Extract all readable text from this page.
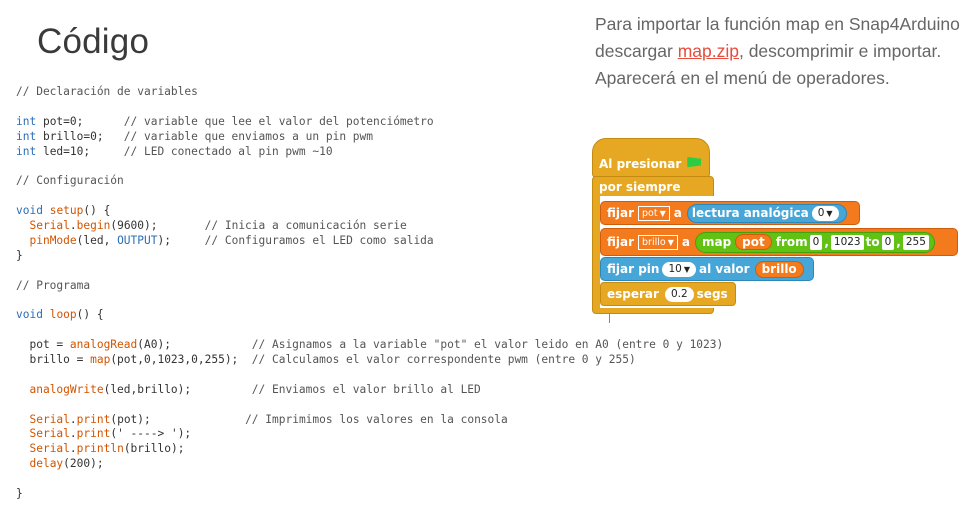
Código
// Declaración de variables

int pot=0;      // variable que lee el valor del potenciómetro
int brillo=0;   // variable que enviamos a un pin pwm
int led=10;     // LED conectado al pin pwm ~10

// Configuración

void setup() {
Serial.begin(9600);       // Inicia a comunicación serie
pinMode(led, OUTPUT);     // Configuramos el LED como salida
}

// Programa

void loop() {

pot = analogRead(A0);            // Asignamos a la variable "pot" el valor leido en A0 (entre 0 y 1023)
brillo = map(pot,0,1023,0,255);  // Calculamos el valor correspondente pwm (entre 0 y 255)

analogWrite(led,brillo);         // Enviamos el valor brillo al LED

Serial.print(pot);              // Imprimimos los valores en la consola
Serial.print(' ----> ');
Serial.println(brillo);
delay(200);

}
Para importar la función map en Snap4Arduino descargar map.zip, descomprimir e importar. Aparecerá en el menú de operadores.
Al presionar
por siempre
fijar pot ▼ a lectura analógica 0 ▼
fijar brillo ▼ a map pot from 0 , 1023 to 0 , 255
fijar pin 10 ▼ al valor brillo
esperar	0.2 segs
